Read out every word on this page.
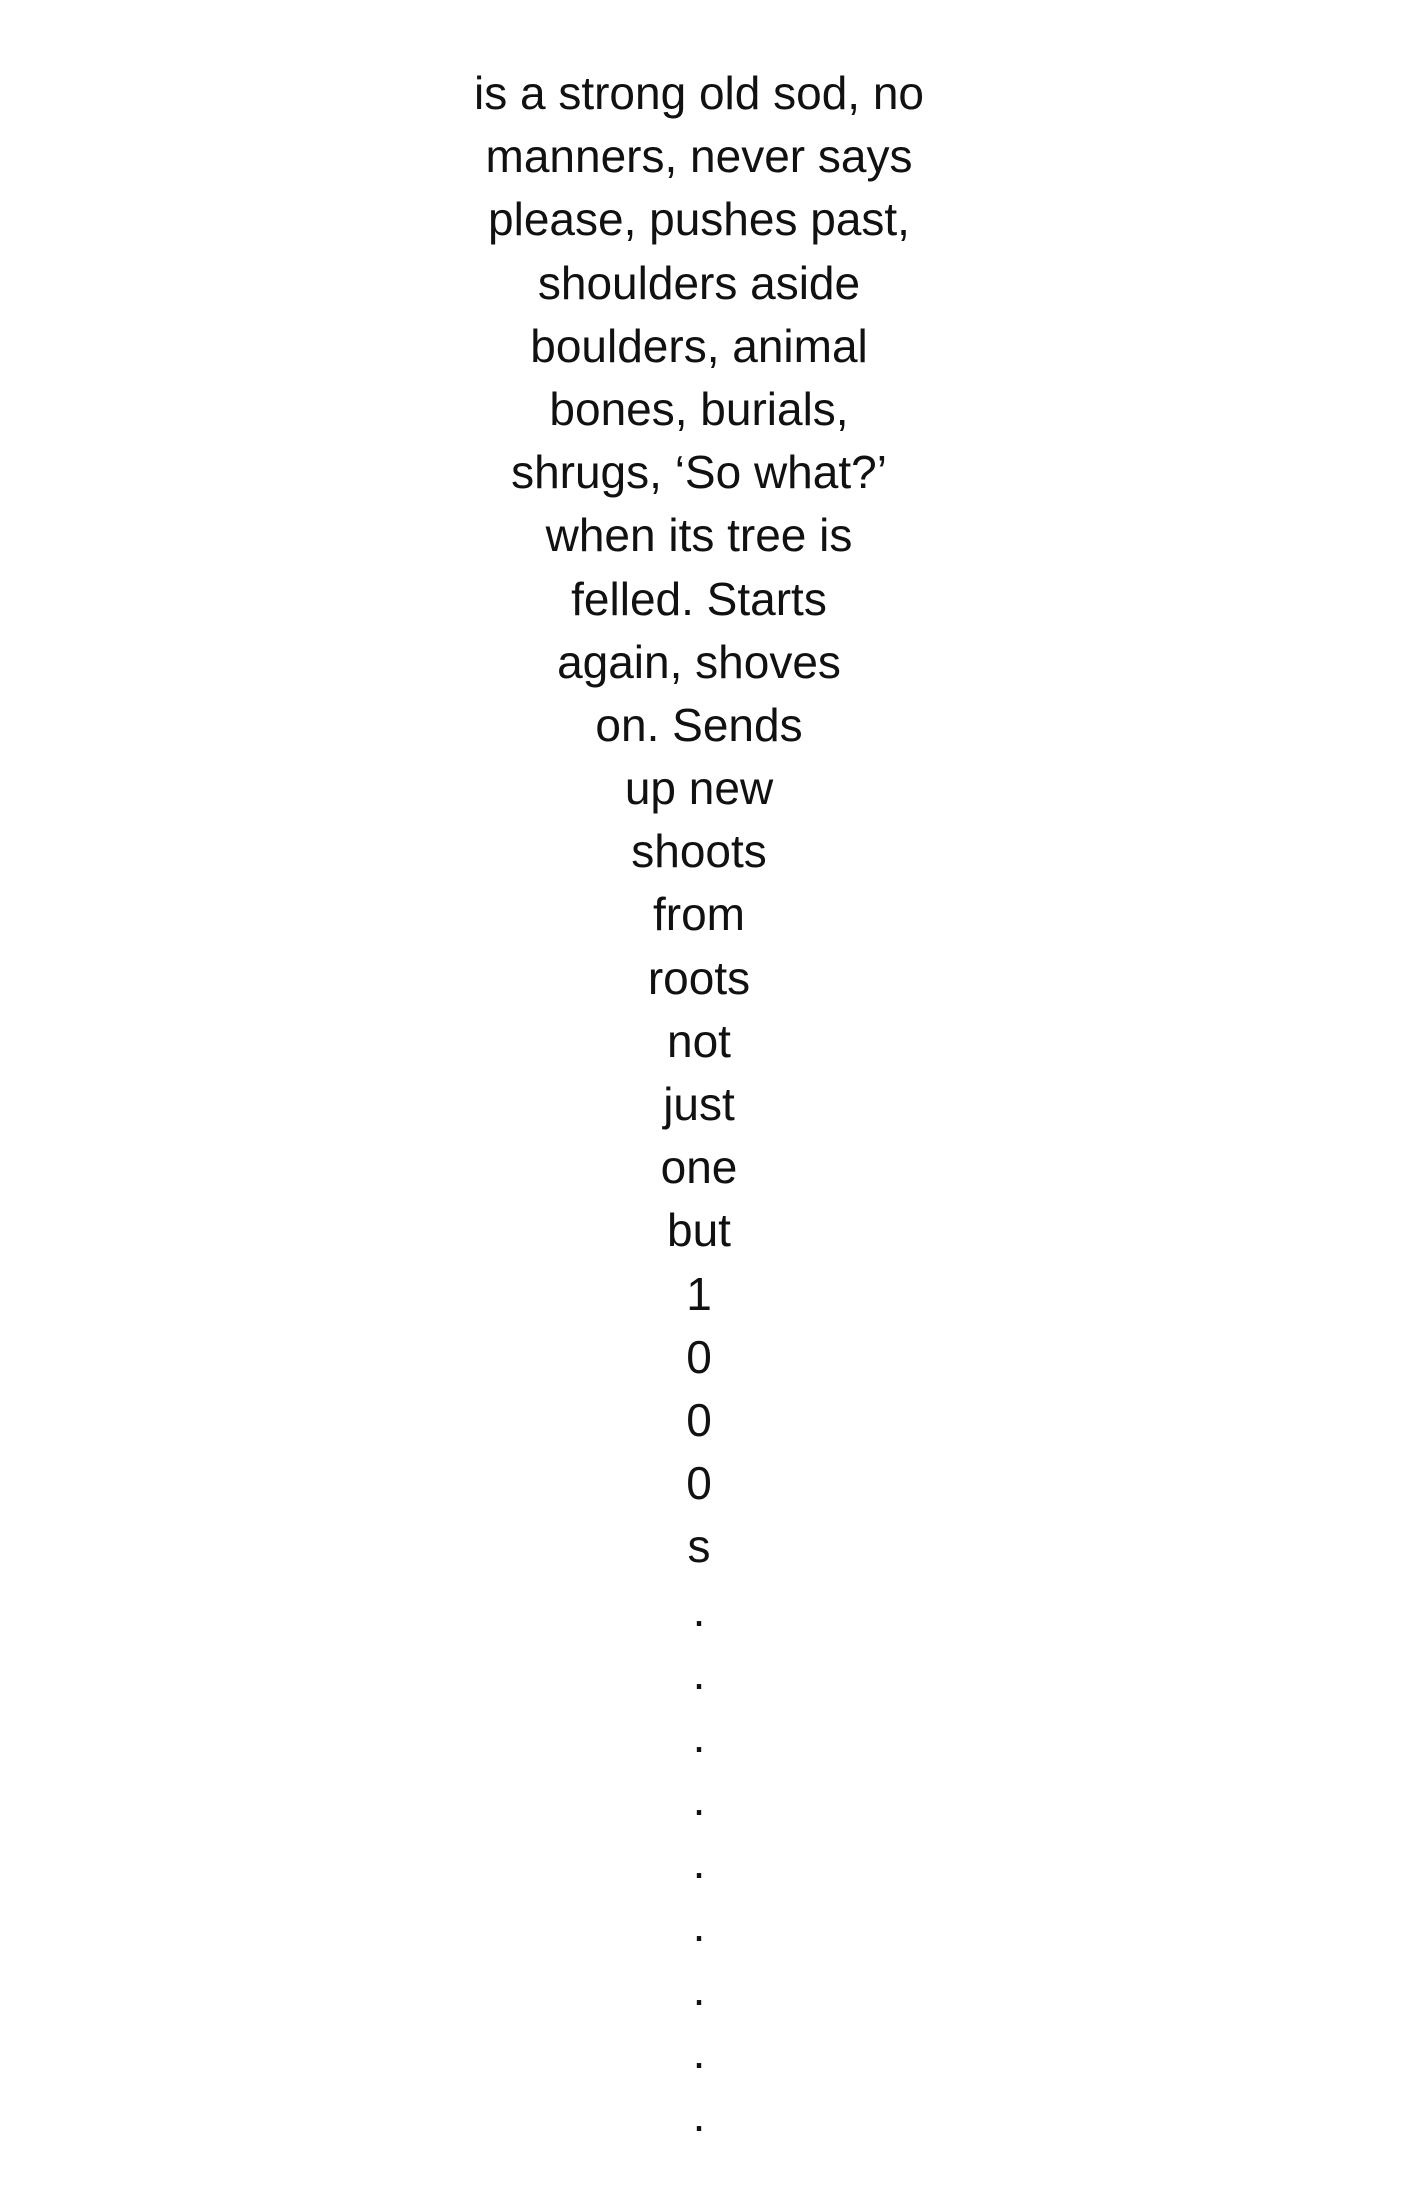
is a strong old sod, no
manners, never says
please, pushes past,
shoulders aside
boulders, animal
bones, burials,
shrugs, ‘So what?’
when its tree is
felled. Starts
again, shoves
on. Sends
up new
shoots
from
roots
not
just
one
but
1
0
0
0
s
.
.
.
.
.
.
.
.
.
